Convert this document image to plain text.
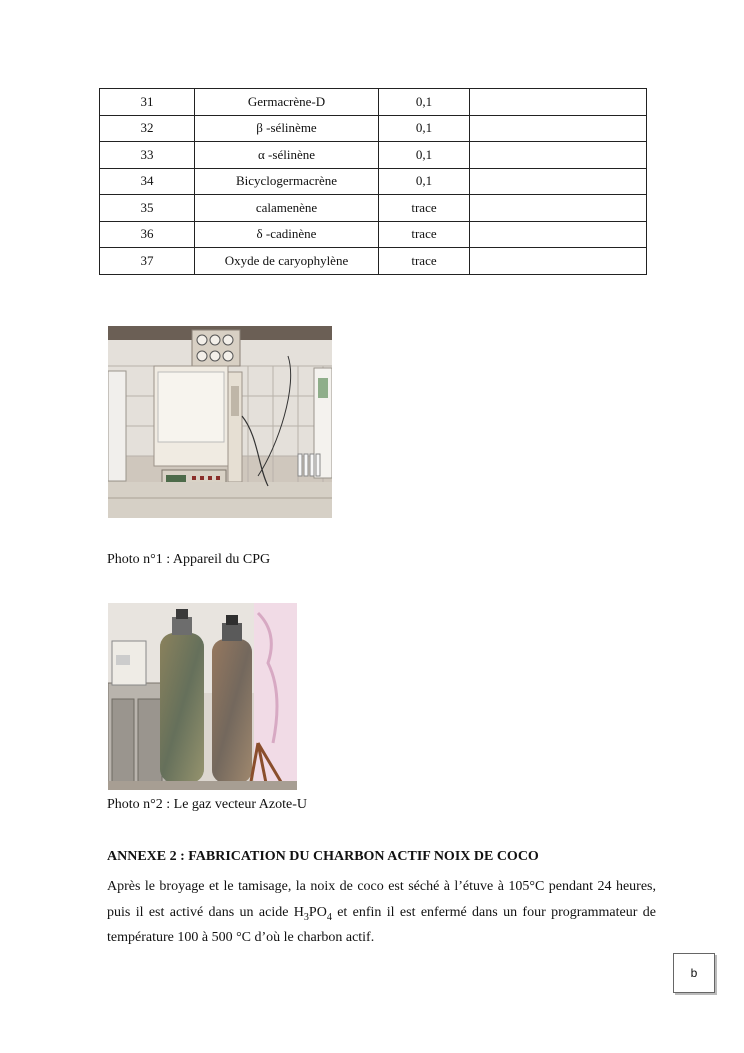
31	Germacrène-D	0,1	
32	β -sélinème	0,1	
33	α -sélinène	0,1	
34	Bicyclogermacrène	0,1	
35	calamenène	trace	
36	δ -cadinène	trace	
37	Oxyde de caryophylène	trace	
Photo n°1 : Appareil du CPG
Photo n°2 : Le gaz vecteur Azote-U
ANNEXE 2 : FABRICATION DU CHARBON ACTIF NOIX DE COCO
Après le broyage et le tamisage, la noix de coco est séché à l’étuve à 105°C pendant 24 heures, puis il est activé dans un acide $H_3PO_4$ et enfin il est enfermé dans un four programmateur de température 100 à 500 °C d’où le charbon actif.
b
